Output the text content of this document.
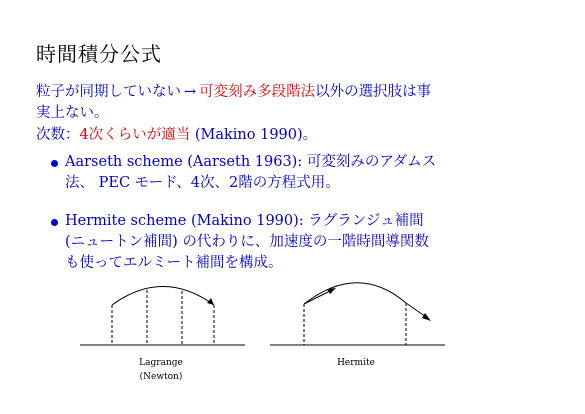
時間積分公式
粒子が同期していない → 可変刻み多段階法以外の選択肢は事
実上ない。
次数：4次くらいが適当 (Makino 1990)。
Aarseth scheme (Aarseth 1963): 可変刻みのアダムス
法、 PEC モード、4次、2階の方程式用。
Hermite scheme (Makino 1990): ラグランジュ補間
(ニュートン補間) の代わりに、加速度の一階時間導関数
も使ってエルミート補間を構成。
Lagrange
(Newton)
Hermite
